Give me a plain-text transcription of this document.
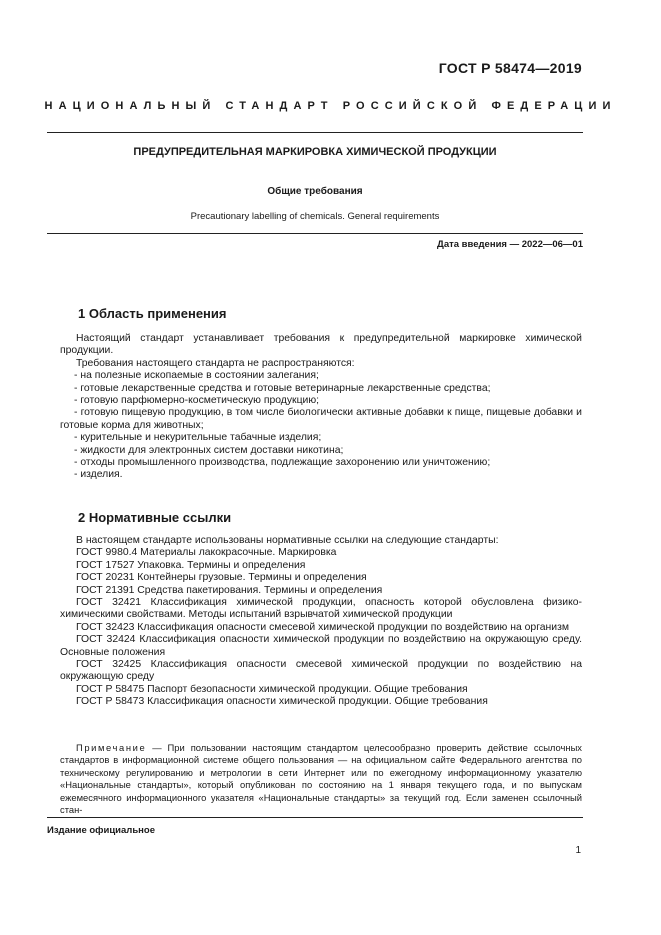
ГОСТ Р 58474—2019
НАЦИОНАЛЬНЫЙ СТАНДАРТ РОССИЙСКОЙ ФЕДЕРАЦИИ
ПРЕДУПРЕДИТЕЛЬНАЯ МАРКИРОВКА ХИМИЧЕСКОЙ ПРОДУКЦИИ
Общие требования
Precautionary labelling of chemicals. General requirements
Дата введения — 2022—06—01
1 Область применения

Настоящий стандарт устанавливает требования к предупредительной маркировке химической продукции.

Требования настоящего стандарта не распространяются:

- на полезные ископаемые в состоянии залегания;

- готовые лекарственные средства и готовые ветеринарные лекарственные средства;

- готовую парфюмерно-косметическую продукцию;

- готовую пищевую продукцию, в том числе биологически активные добавки к пище, пищевые добавки и готовые корма для животных;

- курительные и некурительные табачные изделия;

- жидкости для электронных систем доставки никотина;

- отходы промышленного производства, подлежащие захоронению или уничтожению;

- изделия.

2 Нормативные ссылки

В настоящем стандарте использованы нормативные ссылки на следующие стандарты:

ГОСТ 9980.4 Материалы лакокрасочные. Маркировка

ГОСТ 17527 Упаковка. Термины и определения

ГОСТ 20231 Контейнеры грузовые. Термины и определения

ГОСТ 21391 Средства пакетирования. Термины и определения

ГОСТ 32421 Классификация химической продукции, опасность которой обусловлена физико-химическими свойствами. Методы испытаний взрывчатой химической продукции

ГОСТ 32423 Классификация опасности смесевой химической продукции по воздействию на организм

ГОСТ 32424 Классификация опасности химической продукции по воздействию на окружающую среду. Основные положения

ГОСТ 32425 Классификация опасности смесевой химической продукции по воздействию на окружающую среду

ГОСТ Р 58475 Паспорт безопасности химической продукции. Общие требования

ГОСТ Р 58473 Классификация опасности химической продукции. Общие требования

Примечание — При пользовании настоящим стандартом целесообразно проверить действие ссылочных стандартов в информационной системе общего пользования — на официальном сайте Федерального агентства по техническому регулированию и метрологии в сети Интернет или по ежегодному информационному указателю «Национальные стандарты», который опубликован по состоянию на 1 января текущего года, и по выпускам ежемесячного информационного указателя «Национальные стандарты» за текущий год. Если заменен ссылочный стан-

Издание официальное
1
